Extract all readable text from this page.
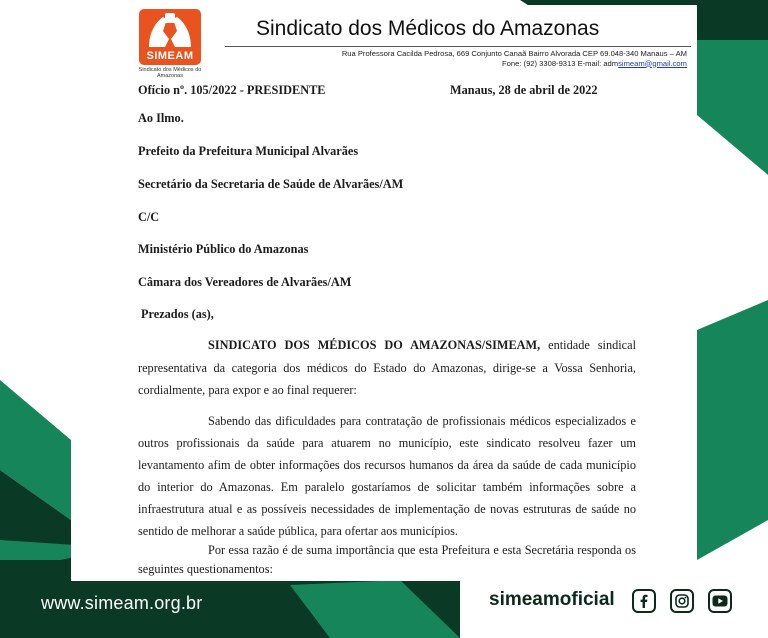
SIMEAM
Sindicato dos Médicos do Amazonas
Sindicato dos Médicos do Amazonas
Rua Professora Cacilda Pedrosa, 669 Conjunto Canaã Bairro Alvorada CEP 69.048-340 Manaus – AM
Fone: (92) 3308-9313 E-mail: admsimeam@gmail.com
Ofício nº. 105/2022 - PRESIDENTE	Manaus, 28 de abril de 2022
Ao Ilmo.
Prefeito da Prefeitura Municipal Alvarães
Secretário da Secretaria de Saúde de Alvarães/AM
C/C
Ministério Público do Amazonas
Câmara dos Vereadores de Alvarães/AM
Prezados (as),
SINDICATO DOS MÉDICOS DO AMAZONAS/SIMEAM, entidade sindical
representativa da categoria dos médicos do Estado do Amazonas, dirige-se a Vossa Senhoria,
cordialmente, para expor e ao final requerer:
Sabendo das dificuldades para contratação de profissionais médicos especializados e
outros profissionais da saúde para atuarem no município, este sindicato resolveu fazer um
levantamento afim de obter informações dos recursos humanos da área da saúde de cada município
do interior do Amazonas. Em paralelo gostaríamos de solicitar também informações sobre a
infraestrutura atual e as possíveis necessidades de implementação de novas estruturas de saúde no
sentido de melhorar a saúde pública, para ofertar aos municípios.
Por essa razão é de suma importância que esta Prefeitura e esta Secretária responda os
seguintes questionamentos:
www.simeam.org.br	simeamoficial
